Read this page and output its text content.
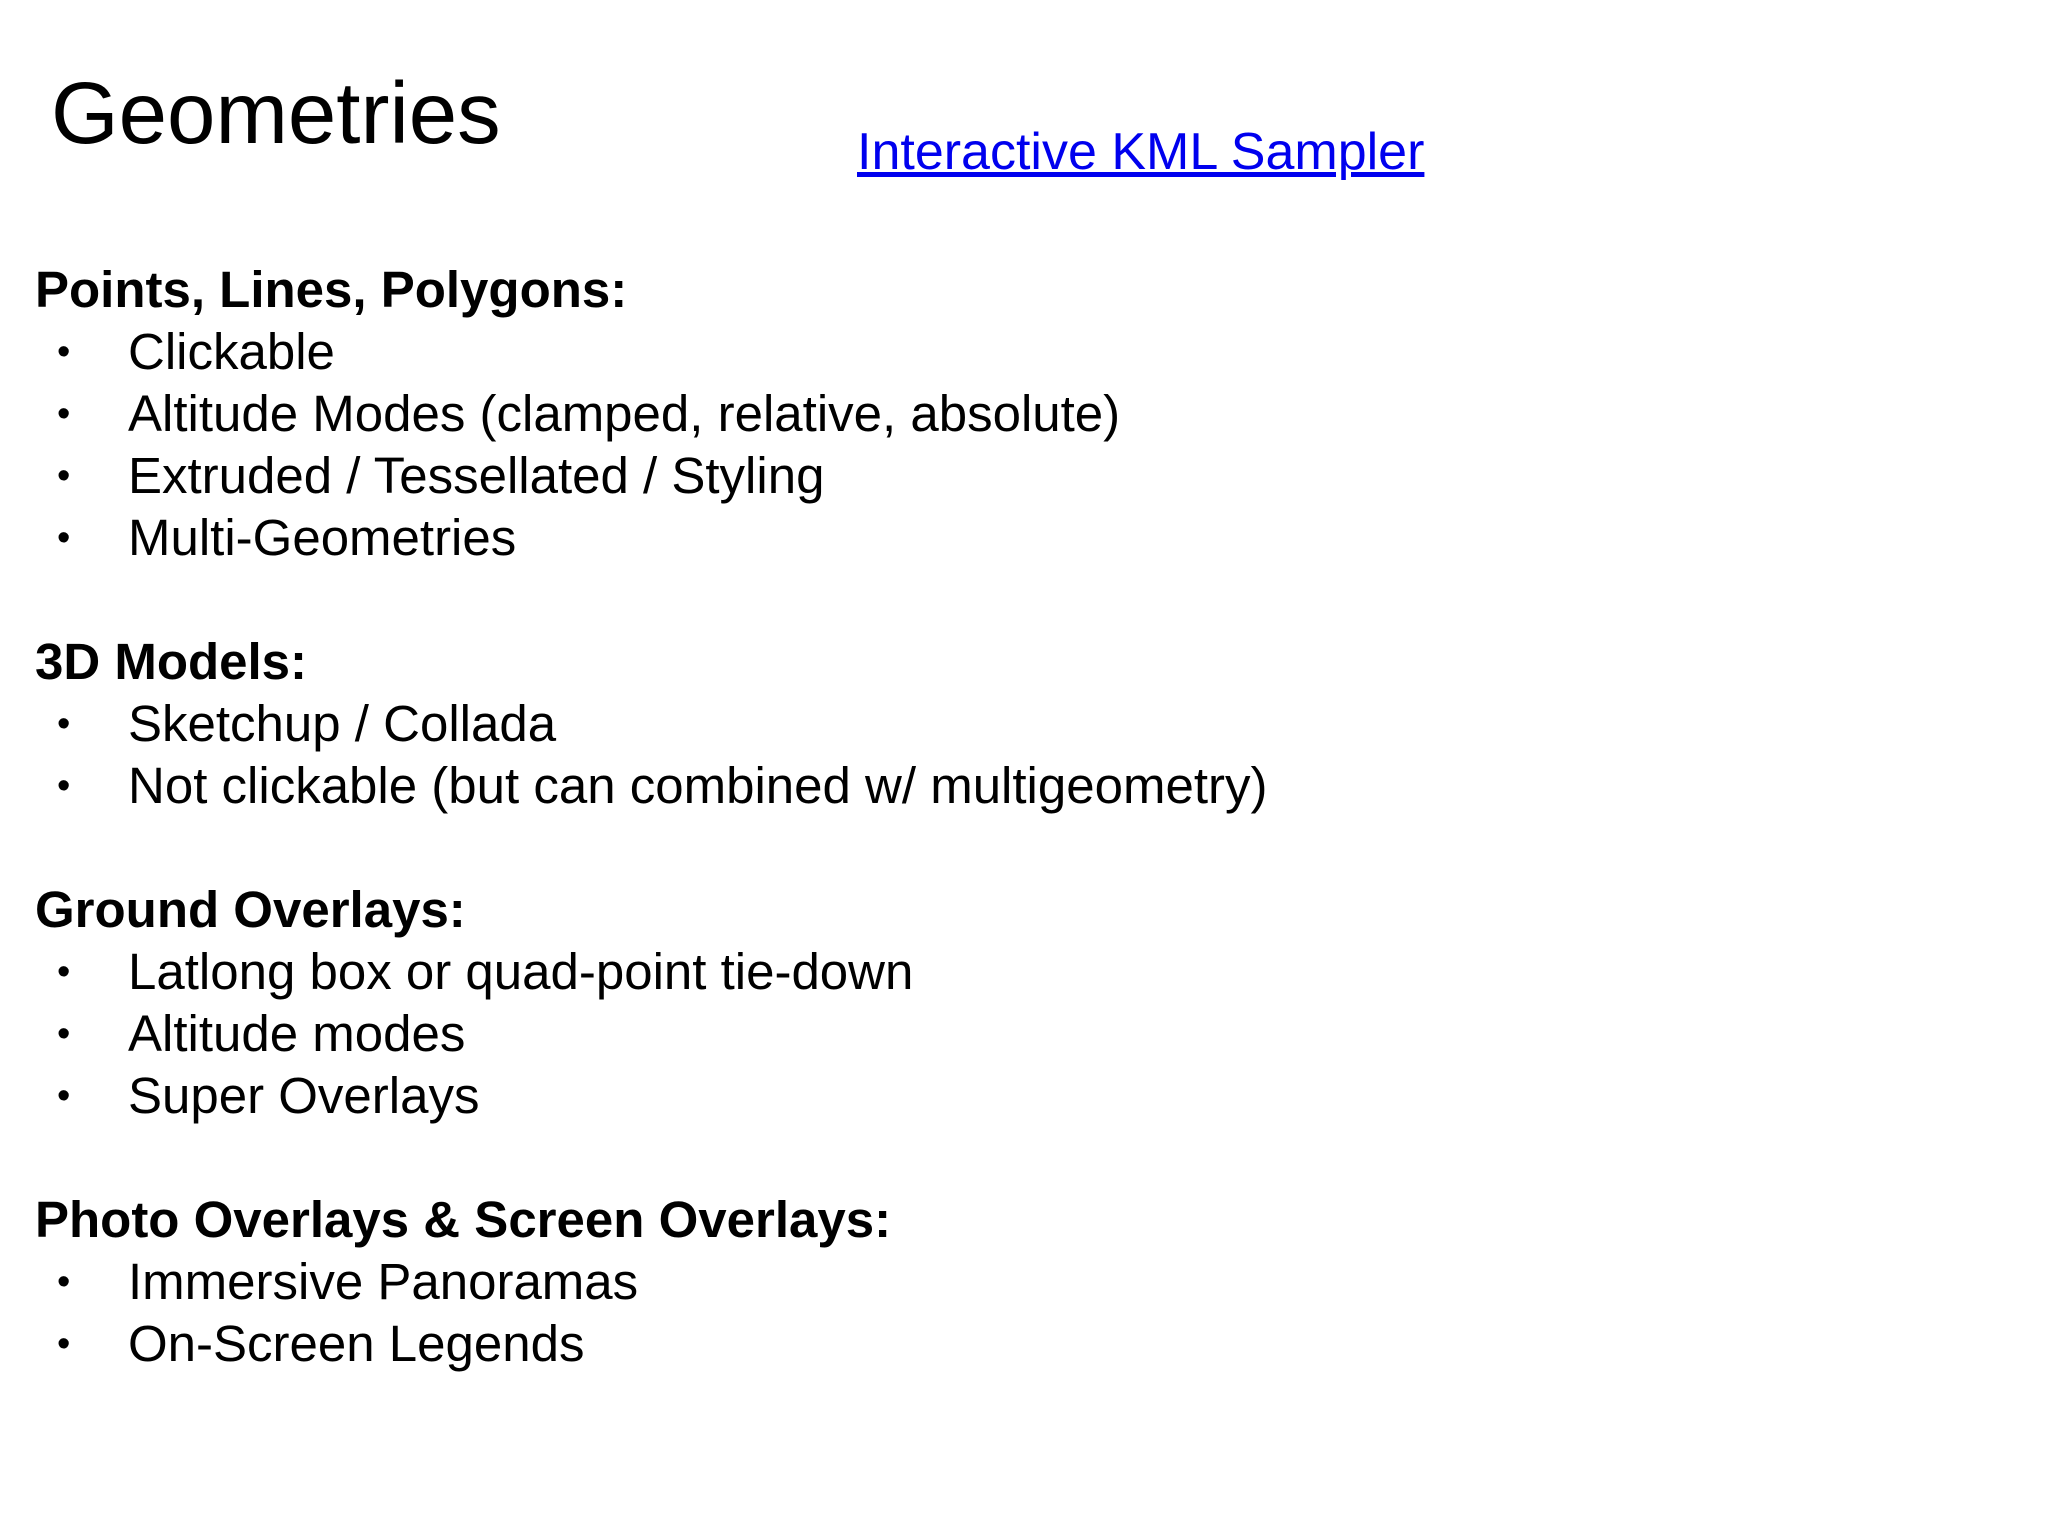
Geometries	Interactive KML Sampler
Points, Lines, Polygons:
• Clickable
• Altitude Modes (clamped, relative, absolute)
• Extruded / Tessellated / Styling
• Multi-Geometries
3D Models:
• Sketchup / Collada
• Not clickable (but can combined w/ multigeometry)
Ground Overlays:
• Latlong box or quad-point tie-down
• Altitude modes
• Super Overlays
Photo Overlays & Screen Overlays:
• Immersive Panoramas
• On-Screen Legends
